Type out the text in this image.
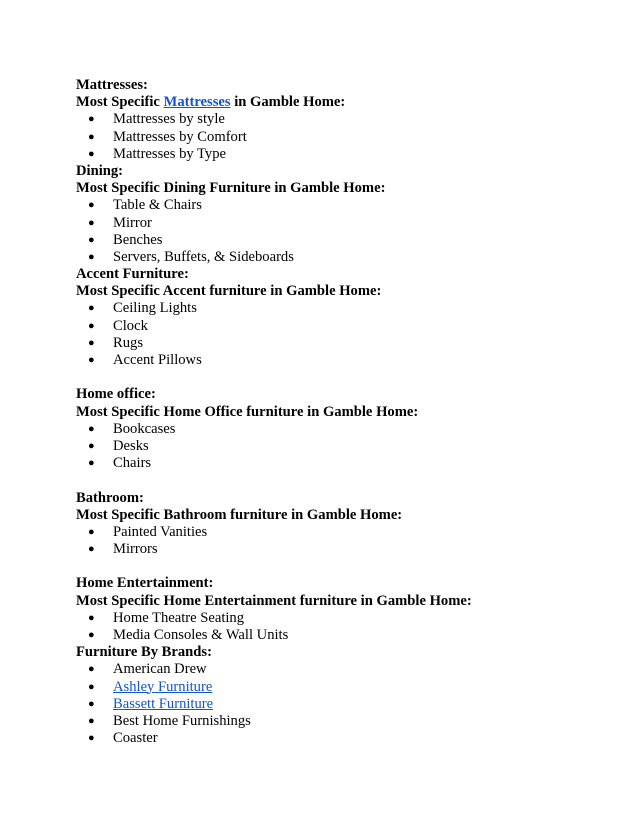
Mattresses:
Most Specific Mattresses in Gamble Home:
● Mattresses by style
● Mattresses by Comfort
● Mattresses by Type
Dining:
Most Specific Dining Furniture in Gamble Home:
● Table & Chairs
● Mirror
● Benches
● Servers, Buffets, & Sideboards
Accent Furniture:
Most Specific Accent furniture in Gamble Home:
● Ceiling Lights
● Clock
● Rugs
● Accent Pillows
Home office:
Most Specific Home Office furniture in Gamble Home:
● Bookcases
● Desks
● Chairs
Bathroom:
Most Specific Bathroom furniture in Gamble Home:
● Painted Vanities
● Mirrors
Home Entertainment:
Most Specific Home Entertainment furniture in Gamble Home:
● Home Theatre Seating
● Media Consoles & Wall Units
Furniture By Brands:
● American Drew
● Ashley Furniture
● Bassett Furniture
● Best Home Furnishings
● Coaster
